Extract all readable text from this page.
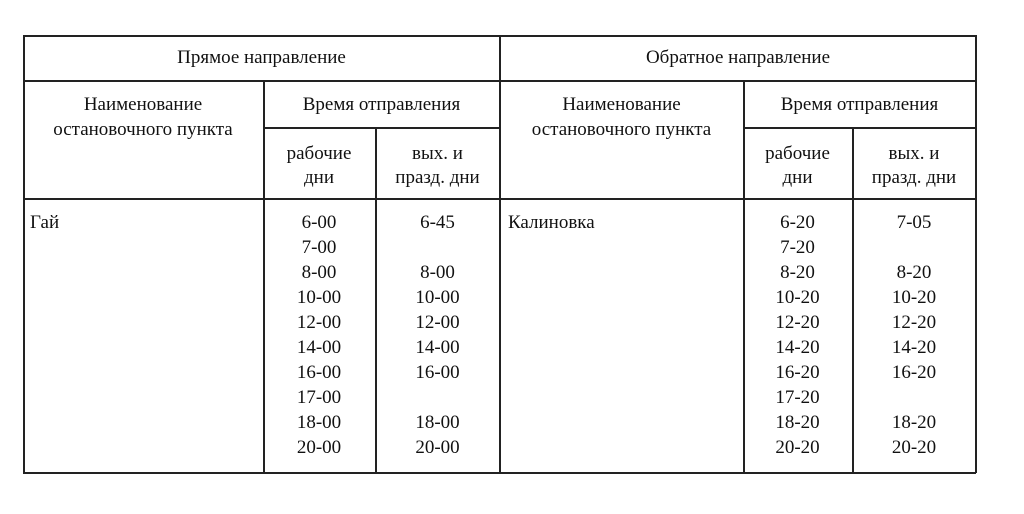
Прямое направление
Наименование
остановочного пункта
Время отправления
рабочие
дни
вых. и
празд. дни
Гай	6-00
7-00
8-00
10-00
12-00
14-00
16-00
17-00
18-00
20-00
6-45
8-00
10-00
12-00
14-00
16-00
18-00
20-00
Обратное направление
Наименование
остановочного пункта
Время отправления
рабочие
дни
вых. и
празд. дни
Калиновка	6-20
7-20
8-20
10-20
12-20
14-20
16-20
17-20
18-20
20-20
7-05
8-20
10-20
12-20
14-20
16-20
18-20
20-20
